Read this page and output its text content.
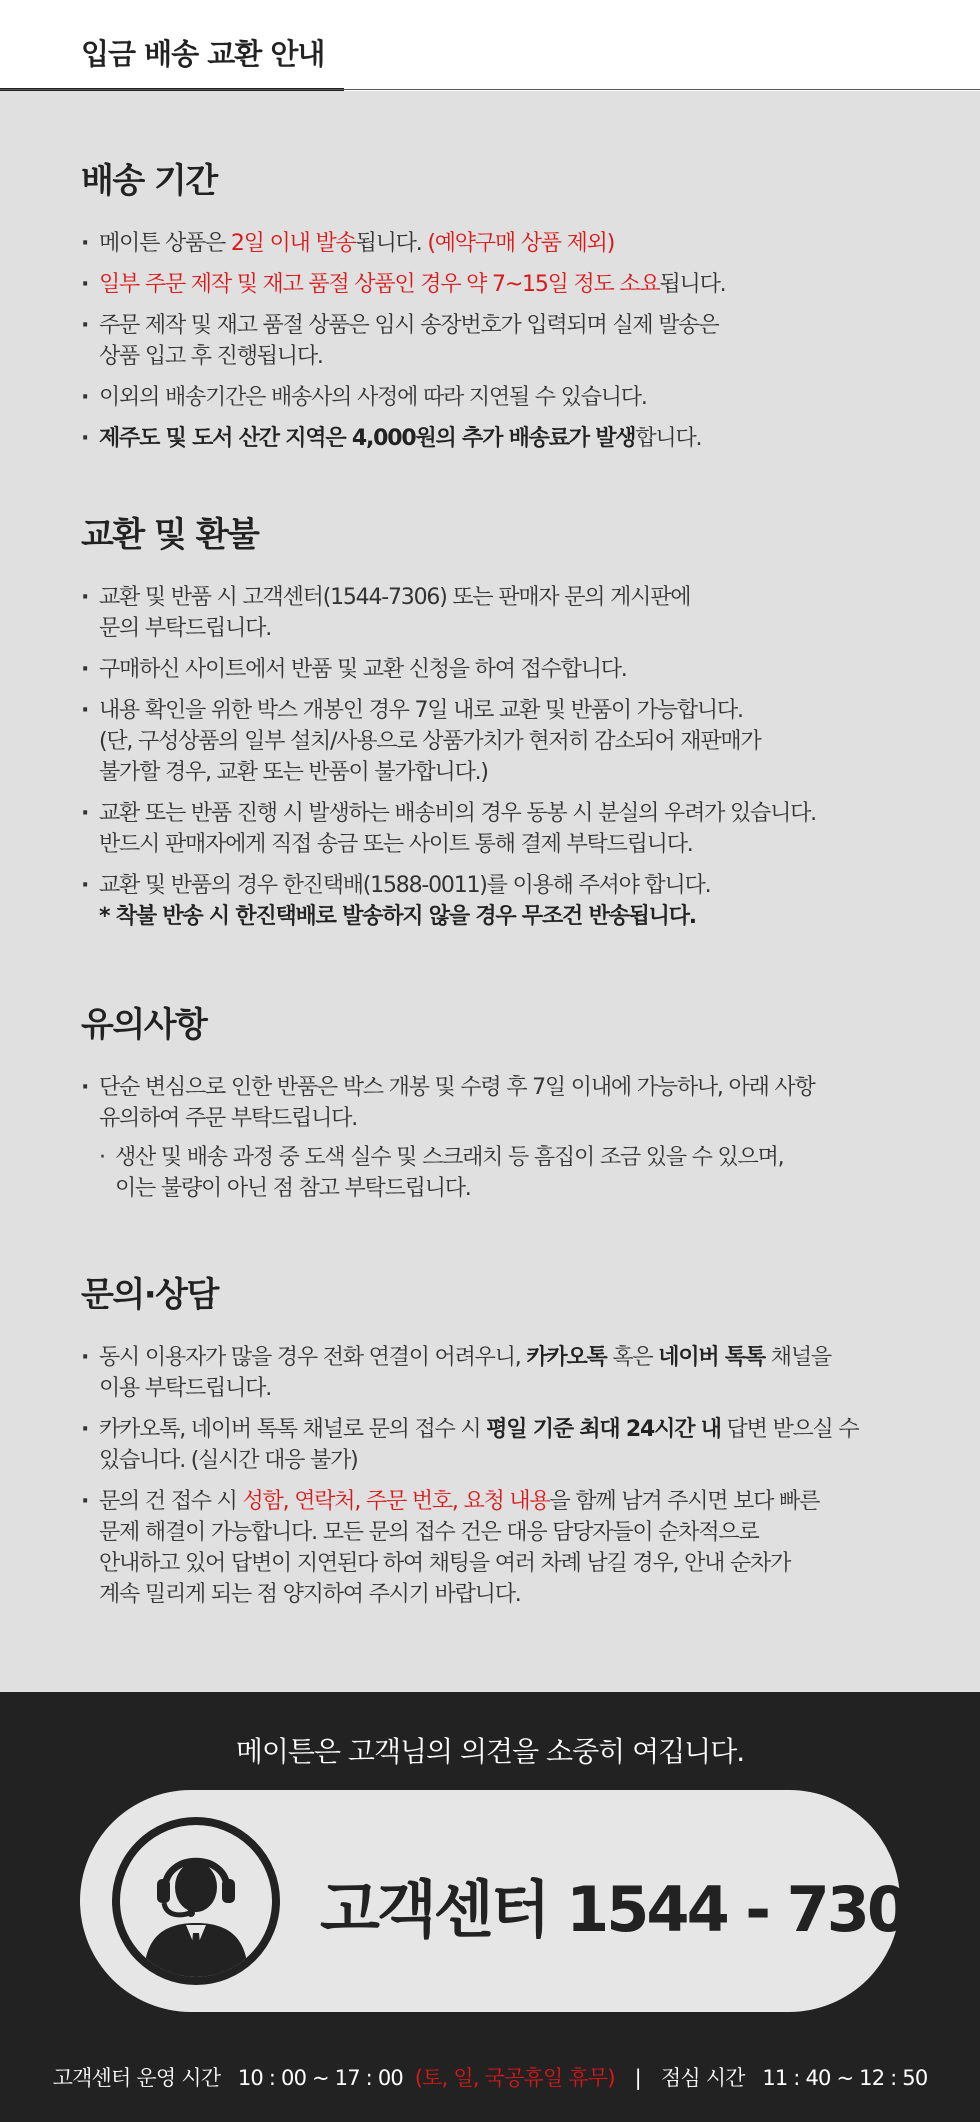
입금 배송 교환 안내
배송 기간
· 메이튼 상품은 2일 이내 발송됩니다. (예약구매 상품 제외)
· 일부 주문 제작 및 재고 품절 상품인 경우 약 7~15일 정도 소요됩니다.
· 주문 제작 및 재고 품절 상품은 임시 송장번호가 입력되며 실제 발송은
상품 입고 후 진행됩니다.
· 이외의 배송기간은 배송사의 사정에 따라 지연될 수 있습니다.
· 제주도 및 도서 산간 지역은 4,000원의 추가 배송료가 발생합니다.
교환 및 환불
· 교환 및 반품 시 고객센터(1544-7306) 또는 판매자 문의 게시판에
문의 부탁드립니다.
· 구매하신 사이트에서 반품 및 교환 신청을 하여 접수합니다.
· 내용 확인을 위한 박스 개봉인 경우 7일 내로 교환 및 반품이 가능합니다.
(단, 구성상품의 일부 설치/사용으로 상품가치가 현저히 감소되어 재판매가
불가할 경우, 교환 또는 반품이 불가합니다.)
· 교환 또는 반품 진행 시 발생하는 배송비의 경우 동봉 시 분실의 우려가 있습니다.
반드시 판매자에게 직접 송금 또는 사이트 통해 결제 부탁드립니다.
· 교환 및 반품의 경우 한진택배(1588-0011)를 이용해 주셔야 합니다.
* 착불 반송 시 한진택배로 발송하지 않을 경우 무조건 반송됩니다.
유의사항
· 단순 변심으로 인한 반품은 박스 개봉 및 수령 후 7일 이내에 가능하나, 아래 사항
유의하여 주문 부탁드립니다.
· 생산 및 배송 과정 중 도색 실수 및 스크래치 등 흠집이 조금 있을 수 있으며,
이는 불량이 아닌 점 참고 부탁드립니다.
문의·상담
· 동시 이용자가 많을 경우 전화 연결이 어려우니, 카카오톡 혹은 네이버 톡톡 채널을
이용 부탁드립니다.
· 카카오톡, 네이버 톡톡 채널로 문의 접수 시 평일 기준 최대 24시간 내 답변 받으실 수
있습니다. (실시간 대응 불가)
· 문의 건 접수 시 성함, 연락처, 주문 번호, 요청 내용을 함께 남겨 주시면 보다 빠른
문제 해결이 가능합니다. 모든 문의 접수 건은 대응 담당자들이 순차적으로
안내하고 있어 답변이 지연된다 하여 채팅을 여러 차례 남길 경우, 안내 순차가
계속 밀리게 되는 점 양지하여 주시기 바랍니다.
메이튼은 고객님의 의견을 소중히 여깁니다.
고객센터 1544 - 7306
고객센터 운영 시간 10 : 00 ~ 17 : 00 (토, 일, 국공휴일 휴무) | 점심 시간 11 : 40 ~ 12 : 50
